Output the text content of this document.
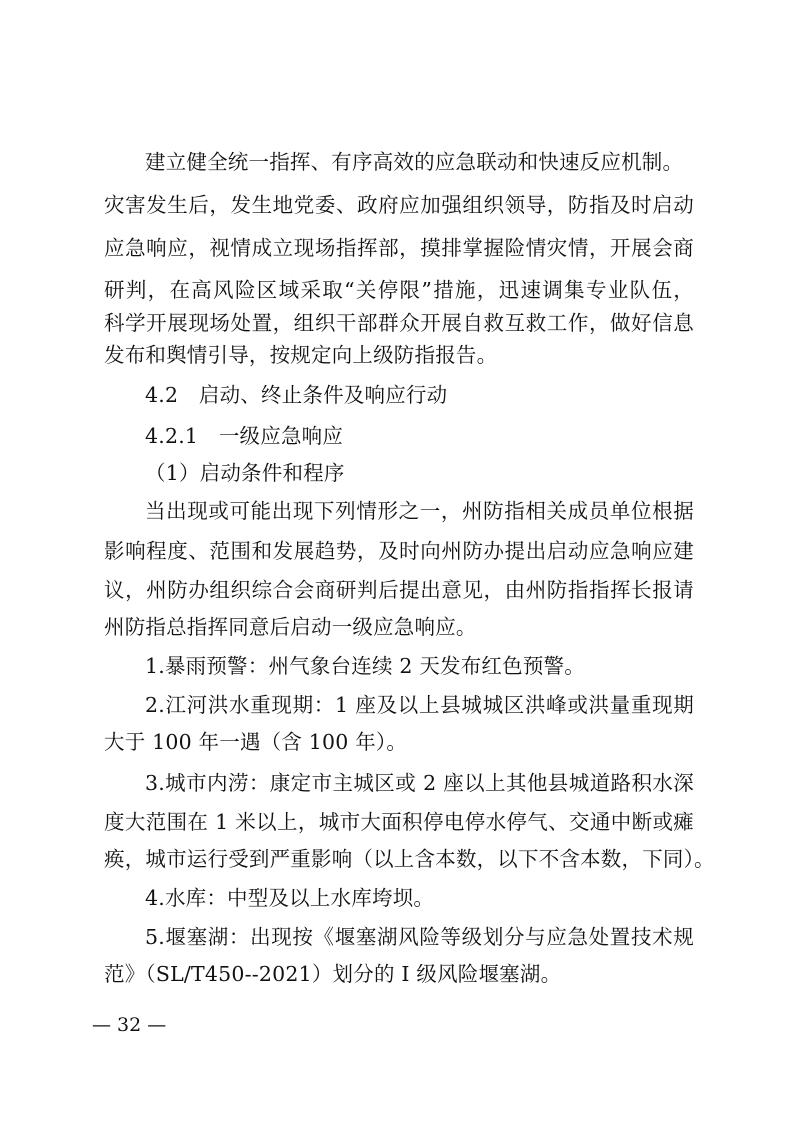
建立健全统一指挥、有序高效的应急联动和快速反应机制。
灾害发生后，发生地党委、政府应加强组织领导，防指及时启动
应急响应，视情成立现场指挥部，摸排掌握险情灾情，开展会商
研判，在高风险区域采取“关停限”措施，迅速调集专业队伍，
科学开展现场处置，组织干部群众开展自救互救工作，做好信息
发布和舆情引导，按规定向上级防指报告。
4.2　启动、终止条件及响应行动
4.2.1　一级应急响应
（1）启动条件和程序
当出现或可能出现下列情形之一，州防指相关成员单位根据
影响程度、范围和发展趋势，及时向州防办提出启动应急响应建
议，州防办组织综合会商研判后提出意见，由州防指指挥长报请
州防指总指挥同意后启动一级应急响应。
1.暴雨预警：州气象台连续 2 天发布红色预警。
2.江河洪水重现期：1 座及以上县城城区洪峰或洪量重现期
大于 100 年一遇（含 100 年）。
3.城市内涝：康定市主城区或 2 座以上其他县城道路积水深
度大范围在 1 米以上，城市大面积停电停水停气、交通中断或瘫
痪，城市运行受到严重影响（以上含本数，以下不含本数，下同）。
4.水库：中型及以上水库垮坝。
5.堰塞湖：出现按《堰塞湖风险等级划分与应急处置技术规
范》（SL/T450--2021）划分的 I 级风险堰塞湖。
— 32 —
